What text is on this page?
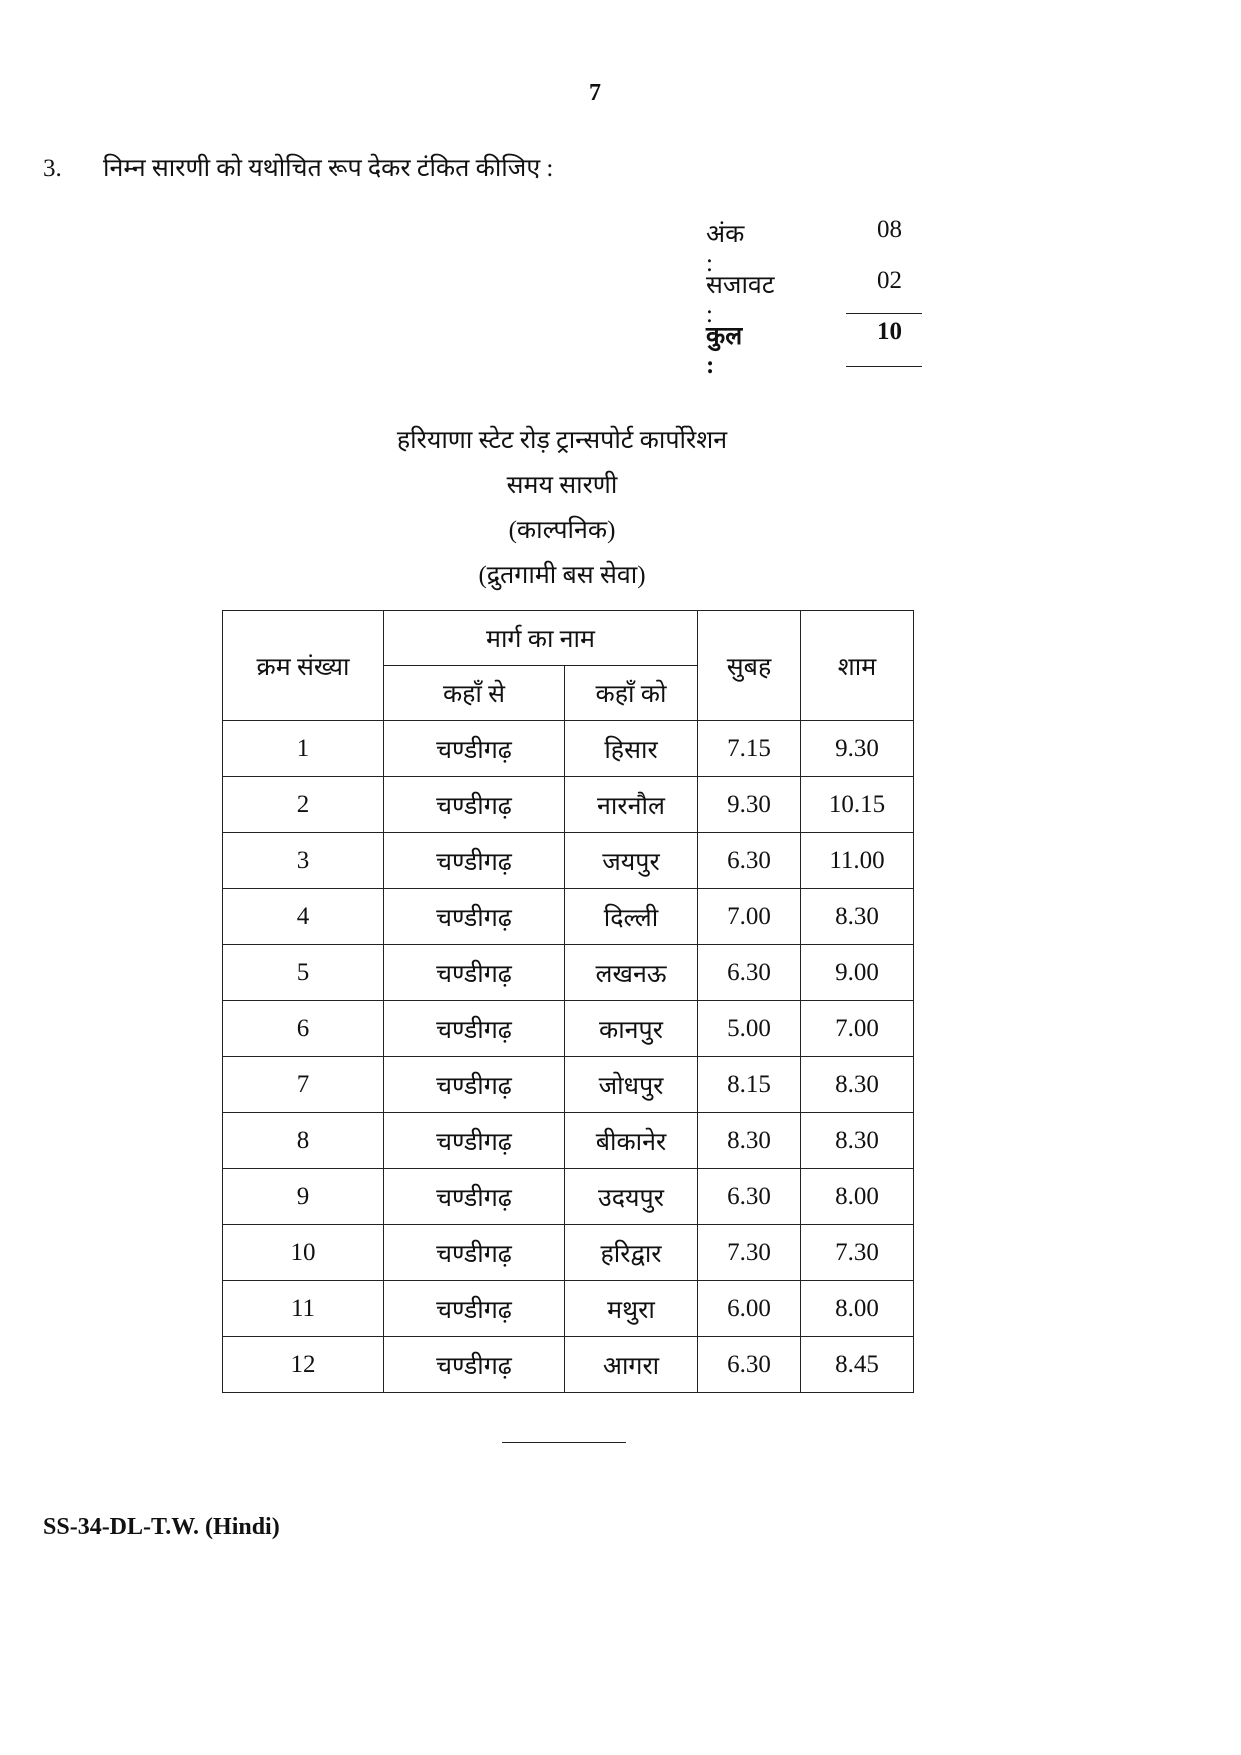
7
3. निम्न सारणी को यथोचित रूप देकर टंकित कीजिए :
अंक :
08
सजावट :
02
कुल :
10
हरियाणा स्टेट रोड़ ट्रान्सपोर्ट कार्पोरेशन
समय सारणी
(काल्पनिक)
(द्रुतगामी बस सेवा)
क्रम संख्या	मार्ग का नाम		सुबह	शाम
	कहाँ से	कहाँ को		
1	चण्डीगढ़	हिसार	7.15	9.30
2	चण्डीगढ़	नारनौल	9.30	10.15
3	चण्डीगढ़	जयपुर	6.30	11.00
4	चण्डीगढ़	दिल्ली	7.00	8.30
5	चण्डीगढ़	लखनऊ	6.30	9.00
6	चण्डीगढ़	कानपुर	5.00	7.00
7	चण्डीगढ़	जोधपुर	8.15	8.30
8	चण्डीगढ़	बीकानेर	8.30	8.30
9	चण्डीगढ़	उदयपुर	6.30	8.00
10	चण्डीगढ़	हरिद्वार	7.30	7.30
11	चण्डीगढ़	मथुरा	6.00	8.00
12	चण्डीगढ़	आगरा	6.30	8.45
SS-34-DL-T.W. (Hindi)
